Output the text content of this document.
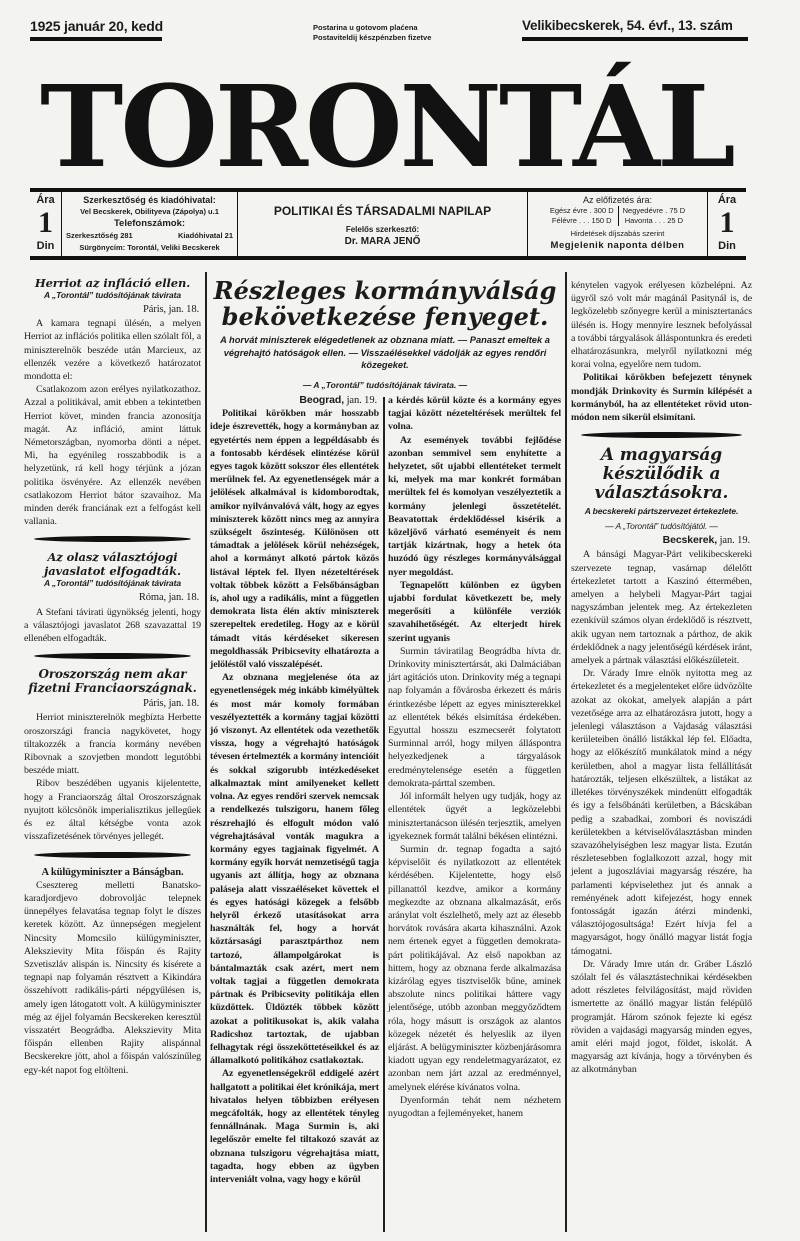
1925 január 20, kedd	Postarina u gotovom plaćena
Postaviteldij készpénzben fizetve
Velikibecskerek, 54. évf., 13. szám
TORONTÁL
Ára
1
Din
Szerkesztőség és kiadóhivatal:
Vel Becskerek, Obilityeva (Zápolya) u.1
Telefonszámok:
Szerkesztőség 281	Kiadóhivatal 21
Sürgönycím: Torontál, Veliki Becskerek
POLITIKAI ÉS TÁRSADALMI NAPILAP
Felelős szerkesztő:
Dr. MARA JENŐ
Az előfizetés ára:
Egész évre . 300 D
Félévre . . . 150 D
Negyedévre . 75 D
Havonta . . . 25 D
Hirdetések díjszabás szerint
Megjelenik naponta délben
Ára
1
Din
Herriot az infláció ellen.
A „Torontál” tudósítójának távirata
Páris, jan. 18.

A kamara tegnapi ülésén, a melyen Herriot az inflációs politika ellen szólalt föl, a miniszterelnök beszéde után Marcieux, az ellenzék vezére a következő határozatot mondotta el:

Csatlakozom azon erélyes nyilatkozathoz. Azzal a politikával, amit ebben a tekintetben Herriot követ, minden francia azonosítja magát. Az infláció, amint láttuk Németországban, nyomorba dönti a népet. Mi, ha egyénileg rosszabbodik is a helyzetünk, rá kell hogy térjünk a józan politika ösvényére. Az ellenzék nevében csatlakozom Herriot bátor szavaihoz. Ma minden derék franciának ezt a felfogást kell vallania.

Az olasz választójogi javaslatot elfogadták.
A „Torontál” tudósítójának távirata
Róma, jan. 18.

A Stefani távirati ügynökség jelenti, hogy a választójogi javaslatot 268 szavazattal 19 ellenében elfogadták.

Oroszország nem akar fizetni Franciaországnak.
Páris, jan. 18.

Herriot miniszterelnök megbízta Herbette oroszországi francia nagykövetet, hogy tiltakozzék a francia kormány nevében Ribovnak a szovjetben mondott legutóbbi beszéde miatt.

Ribov beszédében ugyanis kijelentette, hogy a Franciaország által Oroszországnak nyujtott kölcsönök imperialisztikus jellegűek és ez által kétségbe vonta azok visszafizetésének törvényes jellegét.

A külügyminiszter a Bánságban.

Csesztereg melletti Banatsko-karadjordjevo dobrovoljác telepnek ünnepélyes felavatása tegnap folyt le díszes keretek között. Az ünnepségen megjelent Nincsity Momcsilo külügyminiszter, Alekszievity Mita főispán és Rajity Szvetiszláv alispán is. Nincsity és kísérete a tegnapi nap folyamán résztvett a Kikindára összehívott radikális-párti népgyűlésen is, amely igen látogatott volt. A külügyminiszter még az éjjel folyamán Becskereken keresztül visszatért Beográdba. Alekszievity Mita főispán ellenben Rajity alispánnal Becskerekre jött, ahol a főispán valószínűleg egy-két napot fog eltölteni.

Részleges kormányválság bekövetkezése fenyeget.
A horvát miniszterek elégedetlenek az obznana miatt. — Panaszt emeltek a végrehajtó hatóságok ellen. — Visszaélésekkel vádolják az egyes rendőri közegeket.
— A „Torontál” tudósítójának távirata. —
Beograd, jan. 19.

Politikai körökben már hosszabb ideje észrevették, hogy a kormányban az egyetértés nem éppen a legpéldásabb és a fontosabb kérdések elintézése körül egyes tagok között sokszor éles ellentétek merülnek fel. Az egyenetlenségek már a jelölések alkalmával is kidomborodtak, amikor nyilvánvalóvá vált, hogy az egyes miniszterek között nincs meg az annyira szükségelt őszinteség. Különösen ott támadtak a jelölések körül nehézségek, ahol a kormányt alkotó pártok közös listával léptek fel. Ilyen nézeteltérések voltak többek között a Felsőbánságban is, ahol ugy a radikális, mint a független demokrata lista élén aktív miniszterek szerepeltek eredetileg. Hogy az e körül támadt vitás kérdéseket sikeresen megoldhassák Pribicsevity elhatározta a jelöléstől való visszalépését.

Az obznana megjelenése óta az egyenetlenségek még inkább kimélyültek és most már komoly formában veszélyeztették a kormány tagjai közötti jó viszonyt. Az ellentétek oda vezethetők vissza, hogy a végrehajtó hatóságok tévesen értelmezték a kormány intencióit és sokkal szigorubb intézkedéseket alkalmaztak mint amilyeneket kellett volna. Az egyes rendőri szervek nemcsak a rendelkezés tulszigoru, hanem főleg részrehajló és elfogult módon való végrehajtásával vonták magukra a kormány egyes tagjainak figyelmét. A kormány egyik horvát nemzetiségű tagja ugyanis azt állítja, hogy az obznana paláseja alatt visszaéléseket követtek el és egyes hatósági közegek a felsőbb helyről érkező utasításokat arra használták fel, hogy a horvát köztársasági parasztpárthoz nem tartozó, állampolgárokat is bántalmazták csak azért, mert nem voltak tagjai a független demokrata pártnak és Pribicsevity politikája ellen küzdöttek. Üldözték többek között azokat a politikusokat is, akik valaha Radicshoz tartoztak, de ujabban felhagytak régi összeköttetéseikkel és az államalkotó politikához csatlakoztak.

Az egyenetlenségekről eddigelé azért hallgatott a politikai élet krónikája, mert hivatalos helyen többizben erélyesen megcáfolták, hogy az ellentétek tényleg fennállnának. Maga Surmin is, aki legelőször emelte fel tiltakozó szavát az obznana tulszigoru végrehajtása miatt, tagadta, hogy ebben az ügyben interveniált volna, vagy hogy e körül

a kérdés körül közte és a kormány egyes tagjai között nézeteltérések merültek fel volna.

Az események további fejlődése azonban semmivel sem enyhítette a helyzetet, sőt ujabbi ellentéteket termelt ki, melyek ma mar konkrét formában merültek fel és komolyan veszélyeztetik a kormány jelenlegi összetételét. Beavatottak érdeklődéssel kisérik a közeljövő várható eseményeit és nem tartják kizártnak, hogy a hetek óta huzódó ügy részleges kormányválsággal nyer megoldást.

Tegnapelőtt különben ez ügyben ujabbi fordulat következett be, mely megerősíti a különféle verziók szavahihetőségét. Az elterjedt hírek szerint ugyanis

Surmin táviratilag Beográdba hívta dr. Drinkovity minisztertársát, aki Dalmáciában járt agitációs uton. Drinkovity még a tegnapi nap folyamán a fővárosba érkezett és máris érintkezésbe lépett az egyes miniszterekkel az ellentétek békés elsimítása érdekében. Egyuttal hosszu eszmecserét folytatott Surminnal arról, hogy milyen álláspontra helyezkedjenek a tárgyalások eredménytelensége esetén a független demokrata-párttal szemben.

Jól informált helyen ugy tudják, hogy az ellentétek ügyét a legközelebbi minisztertanácson ülésén terjesztik, amelyen igyekeznek formát találni békésen elintézni.

Surmin dr. tegnap fogadta a sajtó képviselőit és nyilatkozott az ellentétek kérdésében. Kijelentette, hogy első pillanattól kezdve, amikor a kormány megkezdte az obznana alkalmazását, erős aránylat volt észlelhető, mely azt az élesebb horvátok rovására akarta kihasználni. Azok nem értenek egyet a független demokrata-párt politikájával. Az első napokban az hittem, hogy az obznana ferde alkalmazása kizárólag egyes tisztviselők bűne, aminek abszolute nincs politikai háttere vagy jelentősége, utóbb azonban meggyőződtem róla, hogy másutt is országok az alantos közegek nézetét és helyeslik az ilyen eljárást. A belügyminiszter közbenjárásomra kiadott ugyan egy rendeletmagyarázatot, ez azonban nem járt azzal az eredménnyel, amelynek elérése kívánatos volna.

Dyenformán tehát nem nézhetem nyugodtan a fejleményeket, hanem

kénytelen vagyok erélyesen közbelépni. Az ügyről szó volt már magánál Pasitynál is, de legközelebb szőnyegre kerül a minisztertanács ülésén is. Hogy mennyire lesznek befolyással a további tárgyalások álláspontunkra és eredeti elhatározásunkra, melyről nyilatkozni még korai volna, egyelőre nem tudom.

Politikai körökben befejezett ténynek mondják Drinkovity és Surmin kilépését a kormányból, ha az ellentéteket rövid uton-módon nem sikerül elsimítani.

A magyarság készülődik a választásokra.
A becskereki pártszervezet értekezlete.
— A „Torontál” tudósítójától. —
Becskerek, jan. 19.

A bánsági Magyar-Párt velikibecskereki szervezete tegnap, vasárnap délelőtt értekezletet tartott a Kaszinó éttermében, amelyen a helybeli Magyar-Párt tagjai nagyszámban jelentek meg. Az értekezleten ezenkívül számos olyan érdeklődő is résztvett, akik ugyan nem tartoznak a párthoz, de akik érdeklődnek a nagy jelentőségű kérdések iránt, amelyek a pártnak választási előkészületeit.

Dr. Várady Imre elnök nyitotta meg az értekezletet és a megjelenteket előre üdvözölte azokat az okokat, amelyek alapján a párt vezetősége arra az elhatározásra jutott, hogy a jelenlegi választáson a Vajdaság választási kerületeiben önálló listákkal lép fel. Előadta, hogy az előkészítő munkálatok mind a négy kerületben, ahol a magyar lista fellállítását határozták, teljesen elkészültek, a listákat az illetékes törvényszékek mindenütt elfogadták és igy a felsőbánáti kerületben, a Bácskában pedig a szabadkai, zombori és noviszádi kerületekben a kétviselőválasztásban minden szavazóhelyiségben lesz magyar lista. Ezután részletesebben foglalkozott azzal, hogy mit jelent a jugoszláviai magyarság részére, ha parlamenti képviselethez jut és annak a reményének adott kifejezést, hogy ennek fontosságát igazán átérzi mindenki, választójogosultsága! Ezért hívja fel a magyarságot, hogy önálló magyar listát fogja támogatni.

Dr. Várady Imre után dr. Gráber László szólalt fel és választástechnikai kérdésekben adott részletes felvilágosítást, majd röviden ismertette az önálló magyar listán felépülő programját. Három szónok fejezte ki egész röviden a vajdasági magyarság minden egyes, amit eléri majd jogot, földet, iskolát. A magyarság azt kívánja, hogy a törvényben és az alkotmányban
